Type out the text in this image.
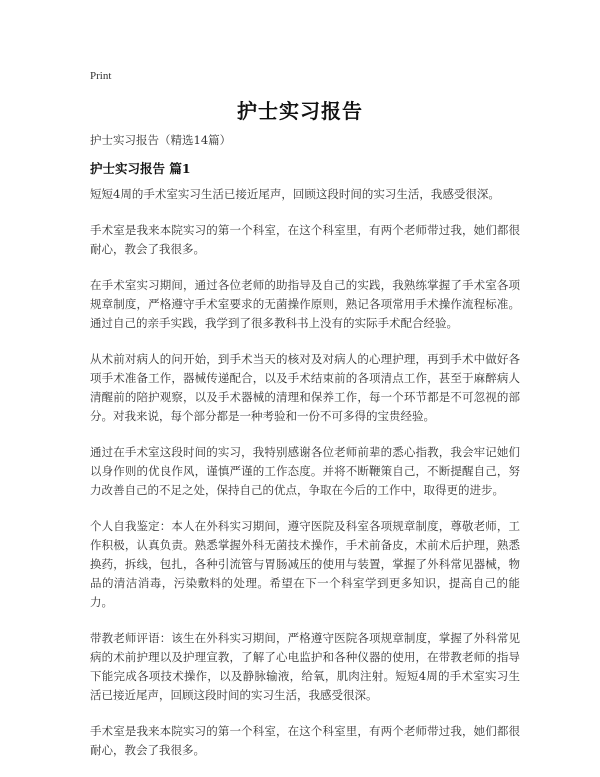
Print
护士实习报告
护士实习报告（精选14篇）
护士实习报告 篇1

短短4周的手术室实习生活已接近尾声，回顾这段时间的实习生活，我感受很深。

手术室是我来本院实习的第一个科室，在这个科室里，有两个老师带过我，她们都很耐心，教会了我很多。

在手术室实习期间，通过各位老师的助指导及自己的实践，我熟练掌握了手术室各项规章制度，严格遵守手术室要求的无菌操作原则，熟记各项常用手术操作流程标准。通过自己的亲手实践，我学到了很多教科书上没有的实际手术配合经验。

从术前对病人的问开始，到手术当天的核对及对病人的心理护理，再到手术中做好各项手术准备工作，器械传递配合，以及手术结束前的各项清点工作，甚至于麻醉病人清醒前的陪护观察，以及手术器械的清理和保养工作，每一个环节都是不可忽视的部分。对我来说，每个部分都是一种考验和一份不可多得的宝贵经验。

通过在手术室这段时间的实习，我特别感谢各位老师前辈的悉心指教，我会牢记她们以身作则的优良作风，谨慎严谨的工作态度。并将不断鞭策自己，不断提醒自己，努力改善自己的不足之处，保持自己的优点，争取在今后的工作中，取得更的进步。

个人自我鉴定：本人在外科实习期间，遵守医院及科室各项规章制度，尊敬老师，工作积极，认真负责。熟悉掌握外科无菌技术操作，手术前备皮，术前术后护理，熟悉换药，拆线，包扎，各种引流管与胃肠减压的使用与装置，掌握了外科常见器械，物品的清洁消毒，污染敷料的处理。希望在下一个科室学到更多知识，提高自己的能力。

带教老师评语：该生在外科实习期间，严格遵守医院各项规章制度，掌握了外科常见病的术前护理以及护理宣教，了解了心电监护和各种仪器的使用，在带教老师的指导下能完成各项技术操作，以及静脉输液，给氧，肌肉注射。短短4周的手术室实习生活已接近尾声，回顾这段时间的实习生活，我感受很深。

手术室是我来本院实习的第一个科室，在这个科室里，有两个老师带过我，她们都很耐心，教会了我很多。
